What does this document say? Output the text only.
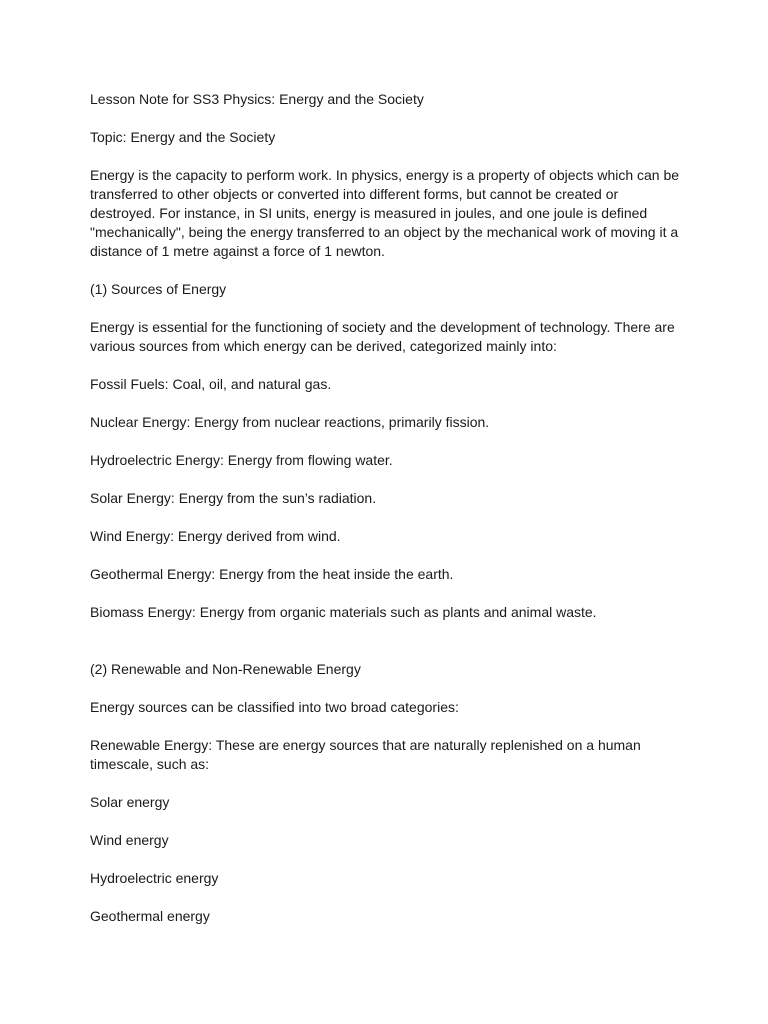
Lesson Note for SS3 Physics: Energy and the Society

Topic: Energy and the Society

Energy is the capacity to perform work. In physics, energy is a property of objects which can be transferred to other objects or converted into different forms, but cannot be created or destroyed. For instance, in SI units, energy is measured in joules, and one joule is defined "mechanically", being the energy transferred to an object by the mechanical work of moving it a distance of 1 metre against a force of 1 newton.

(1) Sources of Energy

Energy is essential for the functioning of society and the development of technology. There are various sources from which energy can be derived, categorized mainly into:

Fossil Fuels: Coal, oil, and natural gas.

Nuclear Energy: Energy from nuclear reactions, primarily fission.

Hydroelectric Energy: Energy from flowing water.

Solar Energy: Energy from the sun’s radiation.

Wind Energy: Energy derived from wind.

Geothermal Energy: Energy from the heat inside the earth.

Biomass Energy: Energy from organic materials such as plants and animal waste.

(2) Renewable and Non-Renewable Energy

Energy sources can be classified into two broad categories:

Renewable Energy: These are energy sources that are naturally replenished on a human timescale, such as:

Solar energy

Wind energy

Hydroelectric energy

Geothermal energy
